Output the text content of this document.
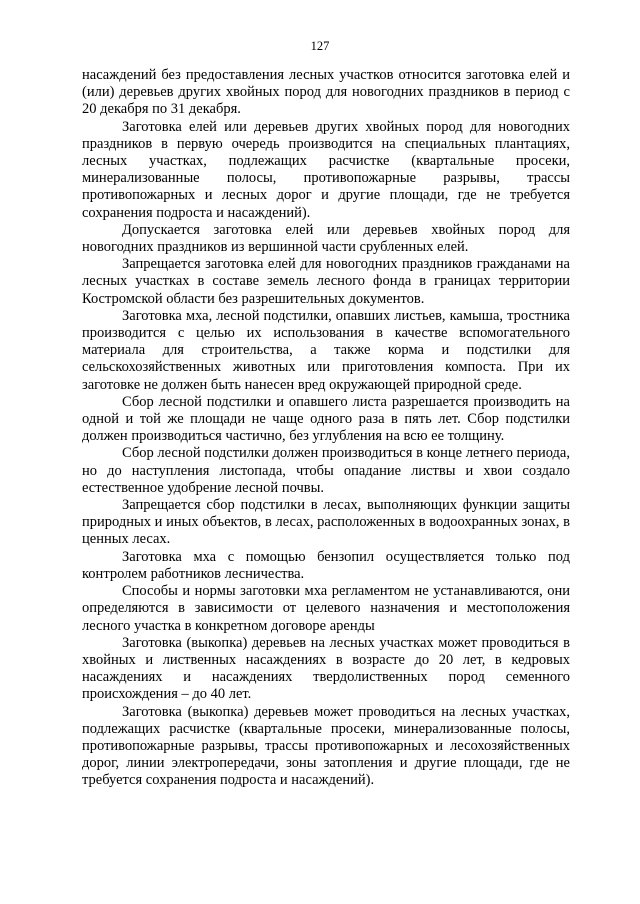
127

насаждений без предоставления лесных участков относится заготовка елей и (или) деревьев других хвойных пород для новогодних праздников в период с 20 декабря по 31 декабря.

Заготовка елей или деревьев других хвойных пород для новогодних праздников в первую очередь производится на специальных плантациях, лесных участках, подлежащих расчистке (квартальные просеки, минерализованные полосы, противопожарные разрывы, трассы противопожарных и лесных дорог и другие площади, где не требуется сохранения подроста и насаждений).

Допускается заготовка елей или деревьев хвойных пород для новогодних праздников из вершинной части срубленных елей.

Запрещается заготовка елей для новогодних праздников гражданами на лесных участках в составе земель лесного фонда в границах территории Костромской области без разрешительных документов.

Заготовка мха, лесной подстилки, опавших листьев, камыша, тростника производится с целью их использования в качестве вспомогательного материала для строительства, а также корма и подстилки для сельскохозяйственных животных или приготовления компоста. При их заготовке не должен быть нанесен вред окружающей природной среде.

Сбор лесной подстилки и опавшего листа разрешается производить на одной и той же площади не чаще одного раза в пять лет. Сбор подстилки должен производиться частично, без углубления на всю ее толщину.

Сбор лесной подстилки должен производиться в конце летнего периода, но до наступления листопада, чтобы опадание листвы и хвои создало естественное удобрение лесной почвы.

Запрещается сбор подстилки в лесах, выполняющих функции защиты природных и иных объектов, в лесах, расположенных в водоохранных зонах, в ценных лесах.

Заготовка мха с помощью бензопил осуществляется только под контролем работников лесничества.

Способы и нормы заготовки мха регламентом не устанавливаются, они определяются в зависимости от целевого назначения и местоположения лесного участка в конкретном договоре аренды

Заготовка (выкопка) деревьев на лесных участках может проводиться в хвойных и лиственных насаждениях в возрасте до 20 лет, в кедровых насаждениях и насаждениях твердолиственных пород семенного происхождения – до 40 лет.

Заготовка (выкопка) деревьев может проводиться на лесных участках, подлежащих расчистке (квартальные просеки, минерализованные полосы, противопожарные разрывы, трассы противопожарных и лесохозяйственных дорог, линии электропередачи, зоны затопления и другие площади, где не требуется сохранения подроста и насаждений).
